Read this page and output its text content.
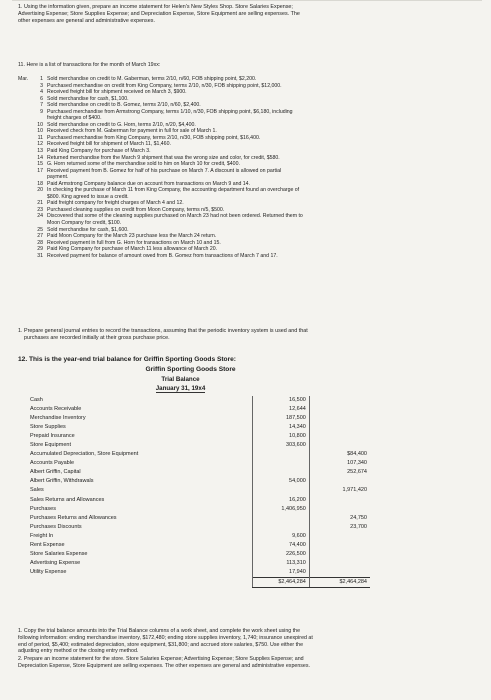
1. Using the information given, prepare an income statement for Helen's New Styles Shop. Store Salaries Expense;

Advertising Expense; Store Supplies Expense; and Depreciation Expense, Store Equipment are selling expenses. The

other expenses are general and administrative expenses.

11. Here is a list of transactions for the month of March 19xx:
Mar.	1 Sold merchandise on credit to M. Gaberman, terms 2/10, n/60, FOB shipping point, $2,200.
3 Purchased merchandise on credit from King Company, terms 2/10, n/30, FOB shipping point, $12,000.
4 Received freight bill for shipment received on March 3, $900.
6 Sold merchandise for cash, $1,100.
7 Sold merchandise on credit to B. Gomez, terms 2/10, n/60, $2,400.
9 Purchased merchandise from Armstrong Company, terms 1/10, n/30, FOB shipping point, $6,180, including
freight charges of $400.
10 Sold merchandise on credit to G. Horn, terms 2/10, n/20, $4,400.
10 Received check from M. Gaberman for payment in full for sale of March 1.
11 Purchased merchandise from King Company, terms 2/10, n/30, FOB shipping point, $16,400.
12 Received freight bill for shipment of March 11, $1,460.
13 Paid King Company for purchase of March 3.
14 Returned merchandise from the March 9 shipment that was the wrong size and color, for credit, $580.
15 G. Horn returned some of the merchandise sold to him on March 10 for credit, $400.
17 Received payment from B. Gomez for half of his purchase on March 7. A discount is allowed on partial
payment.
18 Paid Armstrong Company balance due on account from transactions on March 9 and 14.
20 In checking the purchase of March 11 from King Company, the accounting department found an overcharge of
$800. King agreed to issue a credit.
21 Paid freight company for freight charges of March 4 and 12.
23 Purchased cleaning supplies on credit from Moon Company, terms n/5, $500.
24 Discovered that some of the cleaning supplies purchased on March 23 had not been ordered. Returned them to
Moon Company for credit, $100.
25 Sold merchandise for cash, $1,600.
27 Paid Moon Company for the March 23 purchase less the March 24 return.
28 Received payment in full from G. Horn for transactions on March 10 and 15.
29 Paid King Company for purchase of March 11 less allowance of March 20.
31 Received payment for balance of amount owed from B. Gomez from transactions of March 7 and 17.

1. Prepare general journal entries to record the transactions, assuming that the periodic inventory system is used and that

purchases are recorded initially at their gross purchase price.

12. This is the year-end trial balance for Griffin Sporting Goods Store:
Griffin Sporting Goods Store
Trial Balance
January 31, 19x4
Cash	16,500	
Accounts Receivable	12,644	
Merchandise Inventory	187,500	
Store Supplies	14,340	
Prepaid Insurance	10,800	
Store Equipment	303,600	
Accumulated Depreciation, Store Equipment		$84,400
Accounts Payable		107,340
Albert Griffin, Capital		252,674
Albert Griffin, Withdrawals	54,000	
Sales		1,971,420
Sales Returns and Allowances	16,200	
Purchases	1,406,950	
Purchases Returns and Allowances		24,750
Purchases Discounts		23,700
Freight In	9,600	
Rent Expense	74,400	
Store Salaries Expense	226,500	
Advertising Expense	113,310	
Utility Expense	17,940	
	$2,464,284	$2,464,284

1. Copy the trial balance amounts into the Trial Balance columns of a work sheet, and complete the work sheet using the

following information: ending merchandise inventory, $172,480; ending store supplies inventory, 1,740; insurance unexpired at

end of period, $5,400; estimated depreciation, store equipment, $31,800; and accrued store salaries, $750. Use either the

adjusting entry method or the closing entry method.

2. Prepare an income statement for the store. Store Salaries Expense; Advertising Expense; Store Supplies Expense; and

Depreciation Expense, Store Equipment are selling expenses. The other expenses are general and administrative expenses.
